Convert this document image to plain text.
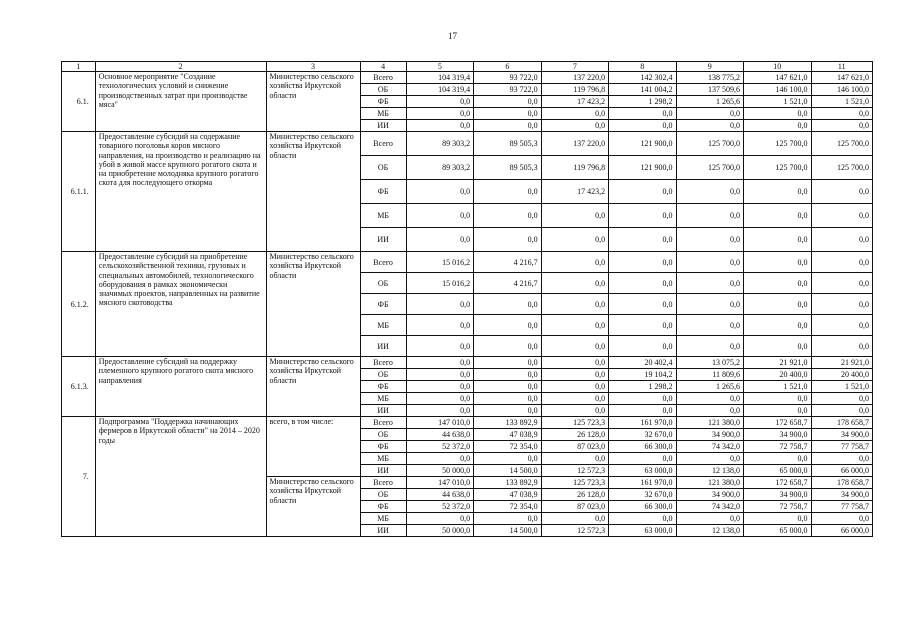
17
1	2	3	4	5	6	7	8	9	10	11
6.1.	Основное мероприятие "Создание технологических условий и снижение производственных затрат при производстве мяса"	Министерство сельского хозяйства Иркутской области	Всего	104 319,4	93 722,0	137 220,0	142 302,4	138 775,2	147 621,0	147 621,0
			ОБ	104 319,4	93 722,0	119 796,8	141 004,2	137 509,6	146 100,0	146 100,0
			ФБ	0,0	0,0	17 423,2	1 298,2	1 265,6	1 521,0	1 521,0
			МБ	0,0	0,0	0,0	0,0	0,0	0,0	0,0
			ИИ	0,0	0,0	0,0	0,0	0,0	0,0	0,0
6.1.1.	Предоставление субсидий на содержание товарного поголовья коров мясного направления, на производство и реализацию на убой в живой массе крупного рогатого скота и на приобретение молодняка крупного рогатого скота для последующего откорма	Министерство сельского хозяйства Иркутской области	Всего	89 303,2	89 505,3	137 220,0	121 900,0	125 700,0	125 700,0	125 700,0
			ОБ	89 303,2	89 505,3	119 796,8	121 900,0	125 700,0	125 700,0	125 700,0
			ФБ	0,0	0,0	17 423,2	0,0	0,0	0,0	0,0
			МБ	0,0	0,0	0,0	0,0	0,0	0,0	0,0
			ИИ	0,0	0,0	0,0	0,0	0,0	0,0	0,0
6.1.2.	Предоставление субсидий на приобретение сельскохозяйственной техники, грузовых и специальных автомобилей, технологического оборудования в рамках экономически значимых проектов, направленных на развитие мясного скотоводства	Министерство сельского хозяйства Иркутской области	Всего	15 016,2	4 216,7	0,0	0,0	0,0	0,0	0,0
			ОБ	15 016,2	4 216,7	0,0	0,0	0,0	0,0	0,0
			ФБ	0,0	0,0	0,0	0,0	0,0	0,0	0,0
			МБ	0,0	0,0	0,0	0,0	0,0	0,0	0,0
			ИИ	0,0	0,0	0,0	0,0	0,0	0,0	0,0
6.1.3.	Предоставление субсидий на поддержку племенного крупного рогатого скота мясного направления	Министерство сельского хозяйства Иркутской области	Всего	0,0	0,0	0,0	20 402,4	13 075,2	21 921,0	21 921,0
			ОБ	0,0	0,0	0,0	19 104,2	11 809,6	20 400,0	20 400,0
			ФБ	0,0	0,0	0,0	1 298,2	1 265,6	1 521,0	1 521,0
			МБ	0,0	0,0	0,0	0,0	0,0	0,0	0,0
			ИИ	0,0	0,0	0,0	0,0	0,0	0,0	0,0
7.	Подпрограмма "Поддержка начинающих фермеров в Иркутской области" на 2014 – 2020 годы	всего, в том числе:	Всего	147 010,0	133 892,9	125 723,3	161 970,0	121 380,0	172 658,7	178 658,7
			ОБ	44 638,0	47 038,9	26 128,0	32 670,0	34 900,0	34 900,0	34 900,0
			ФБ	52 372,0	72 354,0	87 023,0	66 300,0	74 342,0	72 758,7	77 758,7
			МБ	0,0	0,0	0,0	0,0	0,0	0,0	0,0
			ИИ	50 000,0	14 500,0	12 572,3	63 000,0	12 138,0	65 000,0	66 000,0
		Министерство сельского хозяйства Иркутской области	Всего	147 010,0	133 892,9	125 723,3	161 970,0	121 380,0	172 658,7	178 658,7
			ОБ	44 638,0	47 038,9	26 128,0	32 670,0	34 900,0	34 900,0	34 900,0
			ФБ	52 372,0	72 354,0	87 023,0	66 300,0	74 342,0	72 758,7	77 758,7
			МБ	0,0	0,0	0,0	0,0	0,0	0,0	0,0
			ИИ	50 000,0	14 500,0	12 572,3	63 000,0	12 138,0	65 000,0	66 000,0
